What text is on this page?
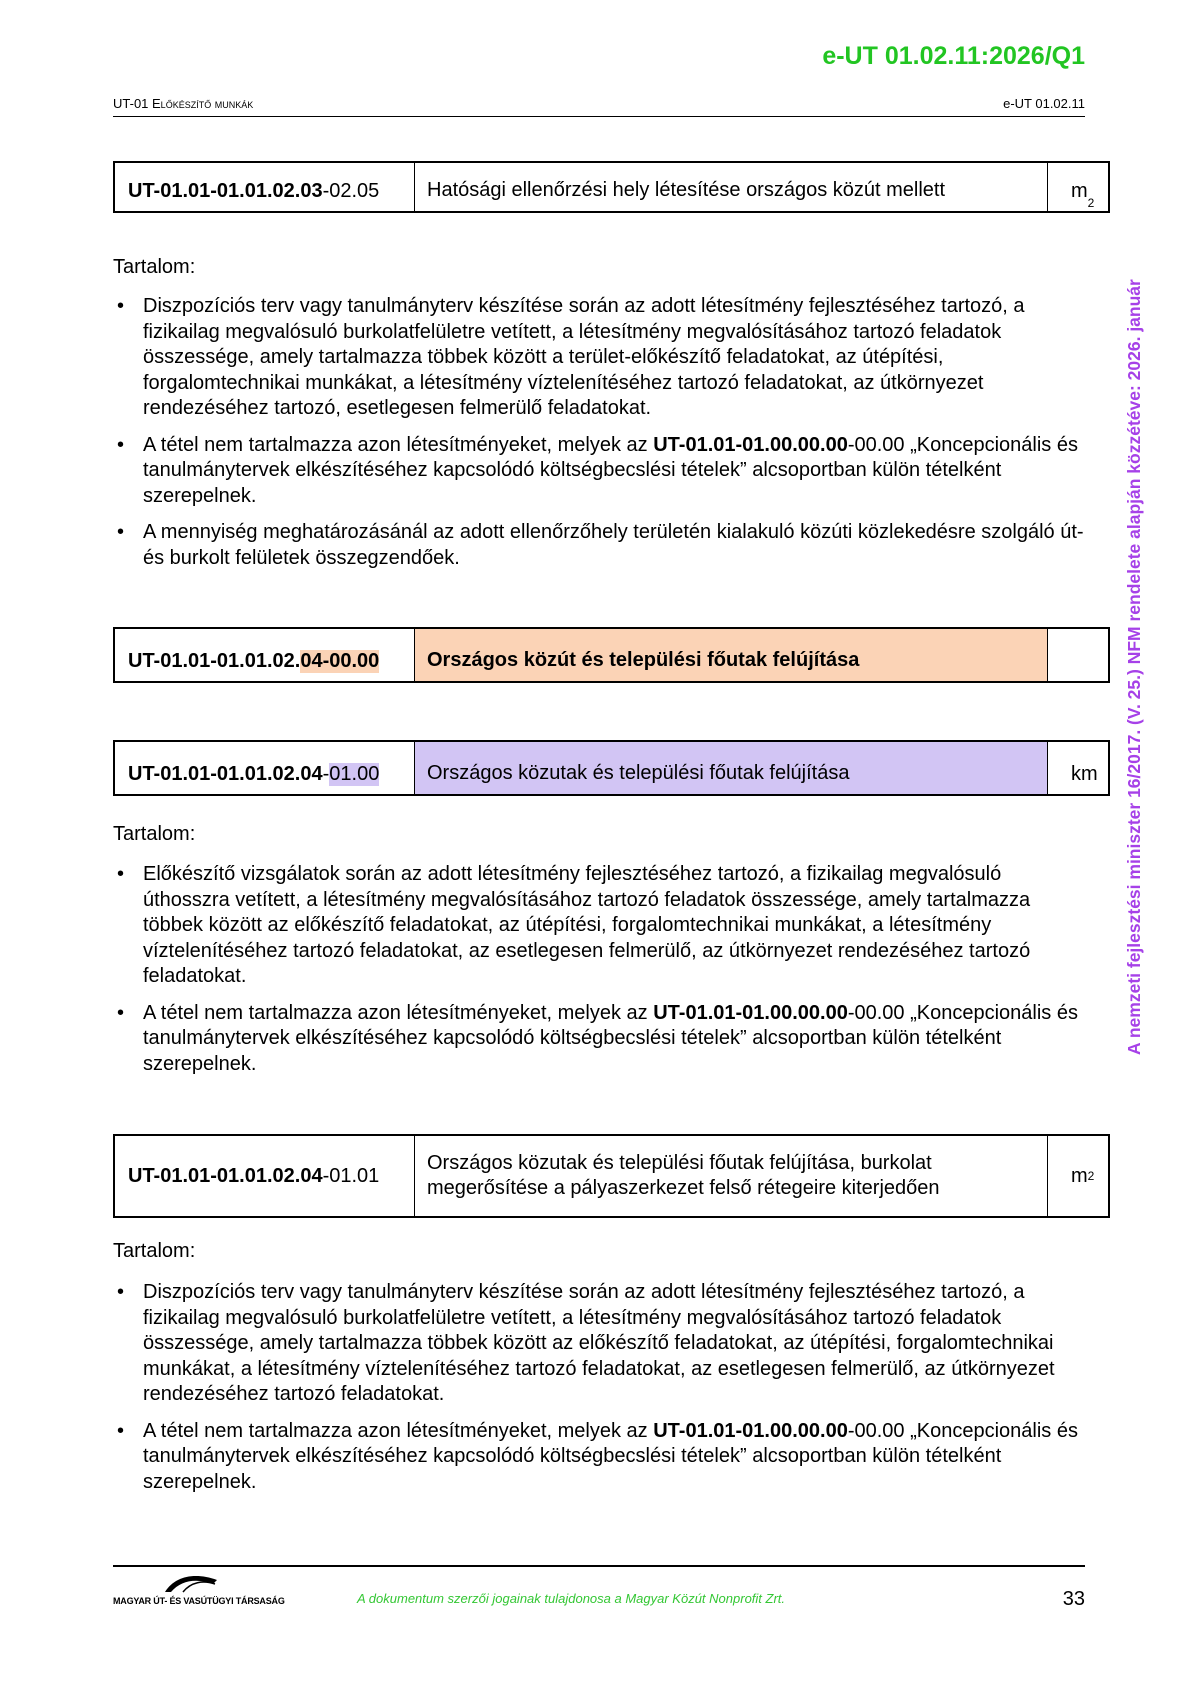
e-UT 01.02.11:2026/Q1
UT-01 Előkészítő munkák	e-UT 01.02.11
UT-01.01-01.01.02.03 -02.05	Hatósági ellenőrzési hely létesítése országos közút mellett	m
2
Tartalom:
• Diszpozíciós terv vagy tanulmányterv készítése során az adott létesítmény fejlesztéséhez tartozó, a fizikailag megvalósuló burkolatfelületre vetített, a létesítmény megvalósításához tartozó feladatok összessége, amely tartalmazza többek között a terület-előkészítő feladatokat, az útépítési, forgalomtechnikai munkákat, a létesítmény víztelenítéséhez tartozó feladatokat, az útkörnyezet rendezéséhez tartozó, esetlegesen felmerülő feladatokat.
• A tétel nem tartalmazza azon létesítményeket, melyek az UT-01.01-01.00.00.00-00.00 „Koncepcionális és tanulmánytervek elkészítéséhez kapcsolódó költségbecslési tételek” alcsoportban külön tételként szerepelnek.
• A mennyiség meghatározásánál az adott ellenőrzőhely területén kialakuló közúti közlekedésre szolgáló út- és burkolt felületek összegzendőek.
UT-01.01-01.01.02. 04-00.00	Országos közút és települési főutak felújítása
UT-01.01-01.01.02.04 - 01.00	Országos közutak és települési főutak felújítása	km
Tartalom:
• Előkészítő vizsgálatok során az adott létesítmény fejlesztéséhez tartozó, a fizikailag megvalósuló úthosszra vetített, a létesítmény megvalósításához tartozó feladatok összessége, amely tartalmazza többek között az előkészítő feladatokat, az útépítési, forgalomtechnikai munkákat, a létesítmény víztelenítéséhez tartozó feladatokat, az esetlegesen felmerülő, az útkörnyezet rendezéséhez tartozó feladatokat.
• A tétel nem tartalmazza azon létesítményeket, melyek az UT-01.01-01.00.00.00-00.00 „Koncepcionális és tanulmánytervek elkészítéséhez kapcsolódó költségbecslési tételek” alcsoportban külön tételként szerepelnek.
UT-01.01-01.01.02.04 -01.01
Országos közutak és települési főutak felújítása, burkolat megerősítése a pályaszerkezet felső rétegeire kiterjedően
m 2
Tartalom:
• Diszpozíciós terv vagy tanulmányterv készítése során az adott létesítmény fejlesztéséhez tartozó, a fizikailag megvalósuló burkolatfelületre vetített, a létesítmény megvalósításához tartozó feladatok összessége, amely tartalmazza többek között az előkészítő feladatokat, az útépítési, forgalomtechnikai munkákat, a létesítmény víztelenítéséhez tartozó feladatokat, az esetlegesen felmerülő, az útkörnyezet rendezéséhez tartozó feladatokat.
• A tétel nem tartalmazza azon létesítményeket, melyek az UT-01.01-01.00.00.00-00.00 „Koncepcionális és tanulmánytervek elkészítéséhez kapcsolódó költségbecslési tételek” alcsoportban külön tételként szerepelnek.
A nemzeti fejlesztési miniszter 16/2017. (V. 25.) NFM rendelete alapján közzétéve: 2026. január
MAGYAR ÚT- ÉS VASÚTÜGYI TÁRSASÁG	A dokumentum szerzői jogainak tulajdonosa a Magyar Közút Nonprofit Zrt.	33
